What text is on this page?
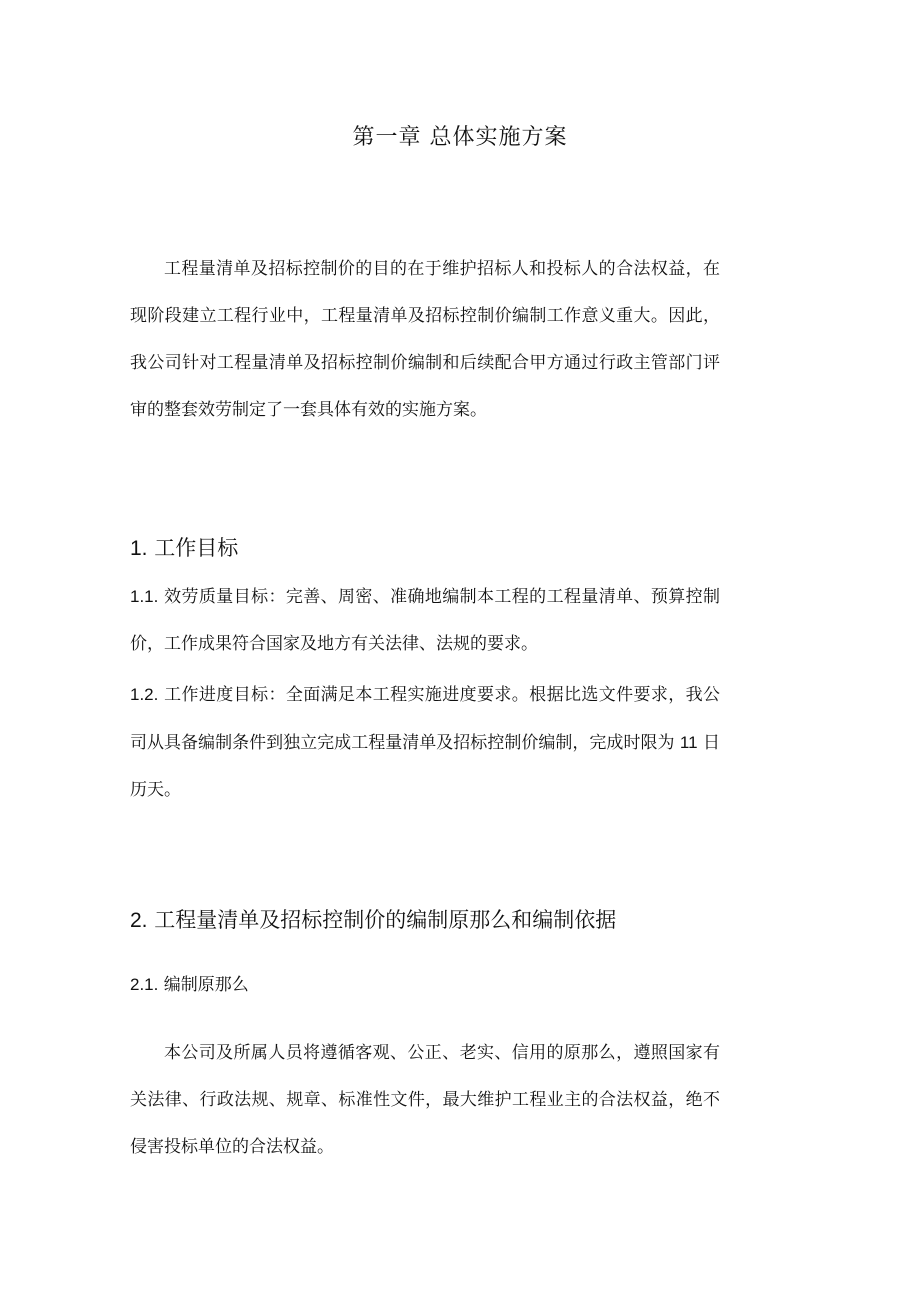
第一章 总体实施方案

工程量清单及招标控制价的目的在于维护招标人和投标人的合法权益，在现阶段建立工程行业中，工程量清单及招标控制价编制工作意义重大。因此，我公司针对工程量清单及招标控制价编制和后续配合甲方通过行政主管部门评审的整套效劳制定了一套具体有效的实施方案。

1. 工作目标

1.1. 效劳质量目标：完善、周密、准确地编制本工程的工程量清单、预算控制价，工作成果符合国家及地方有关法律、法规的要求。

1.2. 工作进度目标：全面满足本工程实施进度要求。根据比选文件要求，我公司从具备编制条件到独立完成工程量清单及招标控制价编制，完成时限为 11 日历天。

2. 工程量清单及招标控制价的编制原那么和编制依据
2.1. 编制原那么

本公司及所属人员将遵循客观、公正、老实、信用的原那么，遵照国家有关法律、行政法规、规章、标准性文件，最大维护工程业主的合法权益，绝不侵害投标单位的合法权益。
